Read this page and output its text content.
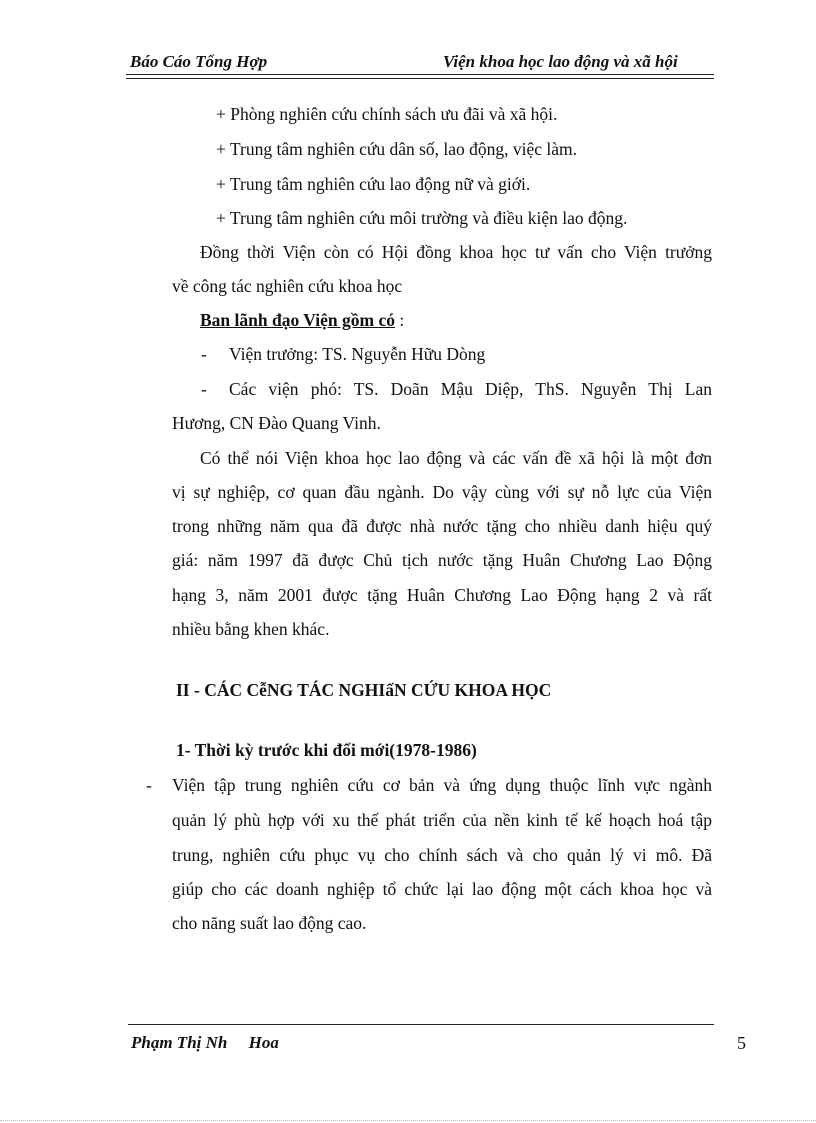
Báo Cáo Tổng Hợp	Viện khoa học lao động và xã hội
+ Phòng nghiên cứu chính sách ưu đãi và xã hội.
+ Trung tâm nghiên cứu dân số, lao động, việc làm.
+ Trung tâm nghiên cứu lao động nữ và giới.
+ Trung tâm nghiên cứu môi trường và điều kiện lao động.
Đồng thời Viện còn có Hội đồng khoa học tư vấn cho Viện trưởng
về công tác nghiên cứu khoa học
Ban lãnh đạo Viện gồm có :
- Viện trưởng: TS. Nguyễn Hữu Dòng
- Các viện phó: TS. Doãn Mậu Diệp, ThS. Nguyễn Thị Lan
Hương, CN Đào Quang Vinh.
Có thể nói Viện khoa học lao động và các vấn đề xã hội là một đơn
vị sự nghiệp, cơ quan đầu ngành. Do vậy cùng với sự nỗ lực của Viện
trong những năm qua đã được nhà nước tặng cho nhiều danh hiệu quý
giá: năm 1997 đã được Chủ tịch nước tặng Huân Chương Lao Động
hạng 3, năm 2001 được tặng Huân Chương Lao Động hạng 2 và rất
nhiều bằng khen khác.
II - CÁC CễNG TÁC NGHIấN CỨU KHOA HỌC
1- Thời kỳ trước khi đổi mới(1978-1986)
- Viện tập trung nghiên cứu cơ bản và ứng dụng thuộc lĩnh vực ngành
quản lý phù hợp với xu thế phát triển của nền kinh tế kế hoạch hoá tập
trung, nghiên cứu phục vụ cho chính sách và cho quản lý vi mô. Đã
giúp cho các doanh nghiệp tổ chức lại lao động một cách khoa học và
cho năng suất lao động cao.
Phạm Thị Nh     Hoa	5
